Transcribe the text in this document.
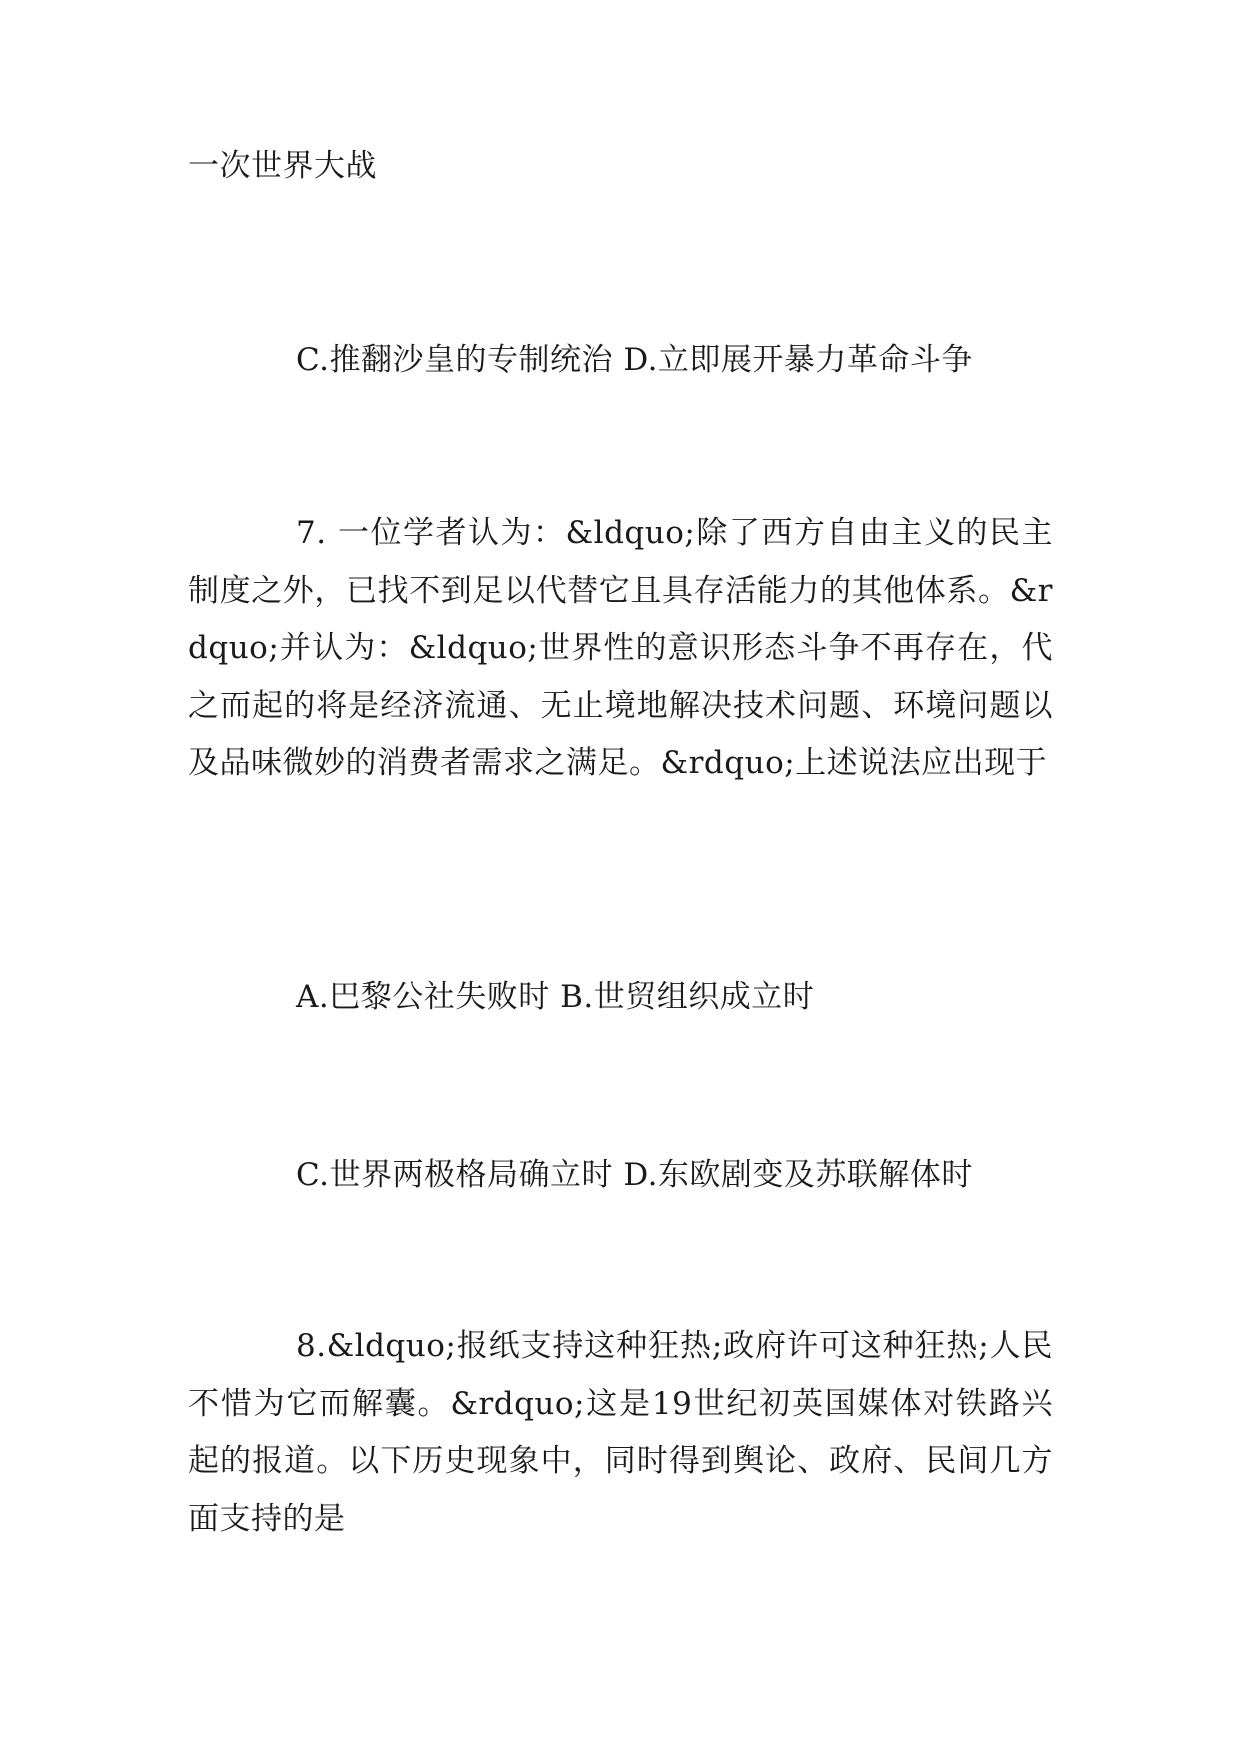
一次世界大战

C.推翻沙皇的专制统治 D.立即展开暴力革命斗争

7. 一位学者认为：&ldquo;除了西方自由主义的民主制度之外，已找不到足以代替它且具存活能力的其他体系。&rdquo;并认为：&ldquo;世界性的意识形态斗争不再存在，代之而起的将是经济流通、无止境地解决技术问题、环境问题以及品味微妙的消费者需求之满足。&rdquo;上述说法应出现于

A.巴黎公社失败时 B.世贸组织成立时

C.世界两极格局确立时 D.东欧剧变及苏联解体时

8.&ldquo;报纸支持这种狂热;政府许可这种狂热;人民不惜为它而解囊。&rdquo;这是19世纪初英国媒体对铁路兴起的报道。以下历史现象中，同时得到舆论、政府、民间几方面支持的是
